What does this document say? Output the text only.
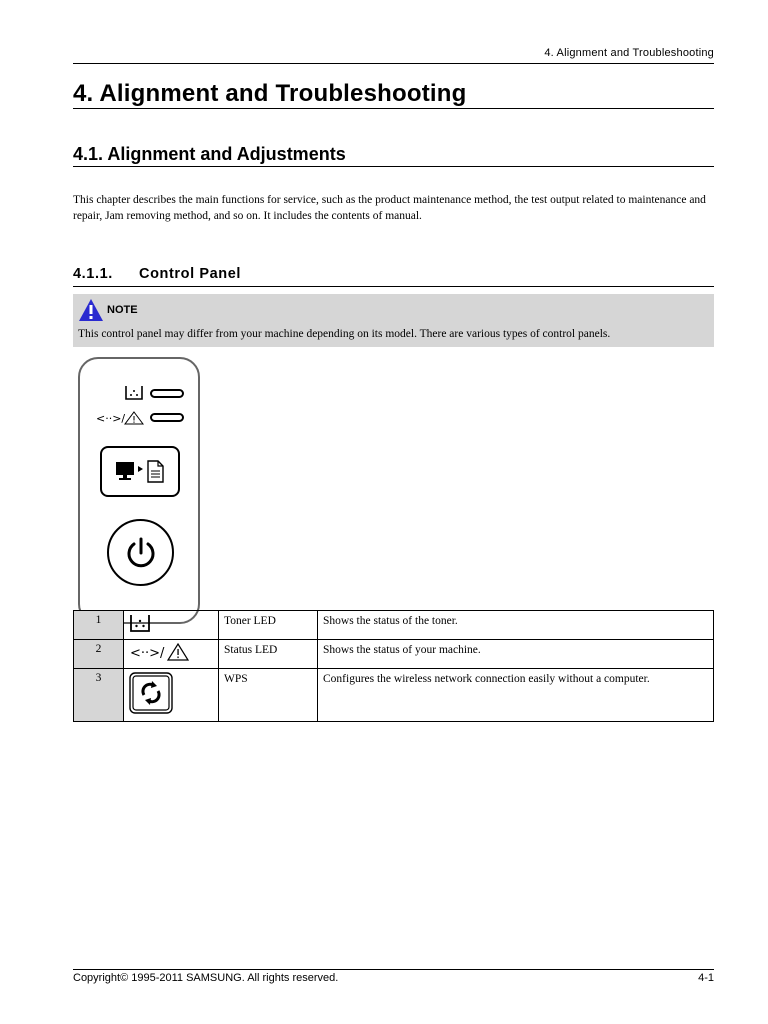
4. Alignment and Troubleshooting
4. Alignment and Troubleshooting
4.1. Alignment and Adjustments
This chapter describes the main functions for service, such as the product maintenance method, the test output related to maintenance and repair, Jam removing method, and so on. It includes the contents of manual.
4.1.1. Control Panel
NOTE
This control panel may differ from your machine depending on its model. There are various types of control panels.
<··>/
1		Toner LED	Shows the status of the toner.
2	<··>/	Status LED	Shows the status of your machine.
3		WPS	Configures the wireless network connection easily without a computer.
Copyright© 1995-2011 SAMSUNG. All rights reserved.	4-1
